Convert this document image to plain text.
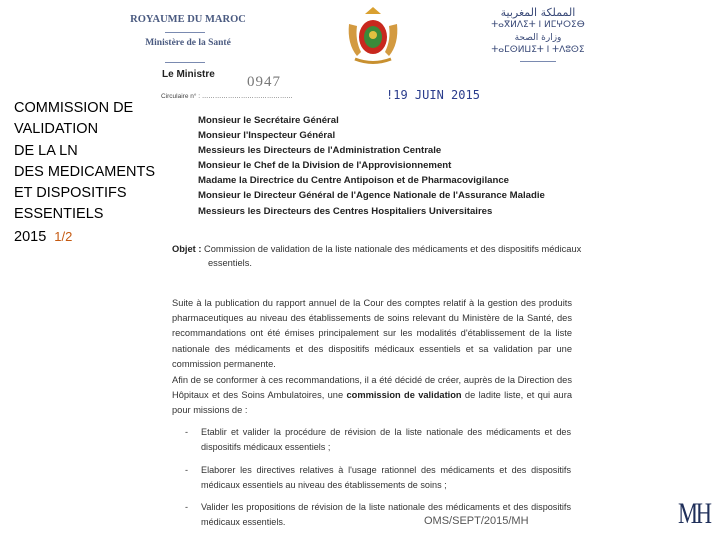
COMMISSION DE
VALIDATION
DE LA LN
DES MEDICAMENTS
ET DISPOSITIFS
ESSENTIELS
2015 1/2
ROYAUME DU MAROC
Ministère de la Santé
المملكة المغربية
ⵜⴰⴳⵍⴷⵉⵜ ⵏ ⵍⵎⵖⵔⵉⴱ
وزارة الصحة
ⵜⴰⵎⵙⵍⵡⵉⵜ ⵏ ⵜⴷⵓⵙⵉ
Le Ministre 0947
Circulaire n° : ……………………………………	!19 JUIN 2015
Monsieur le Secrétaire Général
Monsieur l'Inspecteur Général
Messieurs les Directeurs de l'Administration Centrale
Monsieur le Chef de la Division de l'Approvisionnement
Madame la Directrice du Centre Antipoison et de Pharmacovigilance
Monsieur le Directeur Général de l'Agence Nationale de l'Assurance Maladie
Messieurs les Directeurs des Centres Hospitaliers Universitaires
Objet : Commission de validation de la liste nationale des médicaments et des dispositifs médicaux essentiels.
Suite à la publication du rapport annuel de la Cour des comptes relatif à la gestion des produits pharmaceutiques au niveau des établissements de soins relevant du Ministère de la Santé, des recommandations ont été émises principalement sur les modalités d'établissement de la liste nationale des médicaments et des dispositifs médicaux essentiels et sa validation par une commission permanente.
Afin de se conformer à ces recommandations, il a été décidé de créer, auprès de la Direction des Hôpitaux et des Soins Ambulatoires, une commission de validation de ladite liste, et qui aura pour missions de :
- Etablir et valider la procédure de révision de la liste nationale des médicaments et des dispositifs médicaux essentiels ;
- Elaborer les directives relatives à l'usage rationnel des médicaments et des dispositifs médicaux essentiels au niveau des établissements de soins ;
- Valider les propositions de révision de la liste nationale des médicaments et des dispositifs médicaux essentiels.	OMS/SEPT/2015/MH	MH
